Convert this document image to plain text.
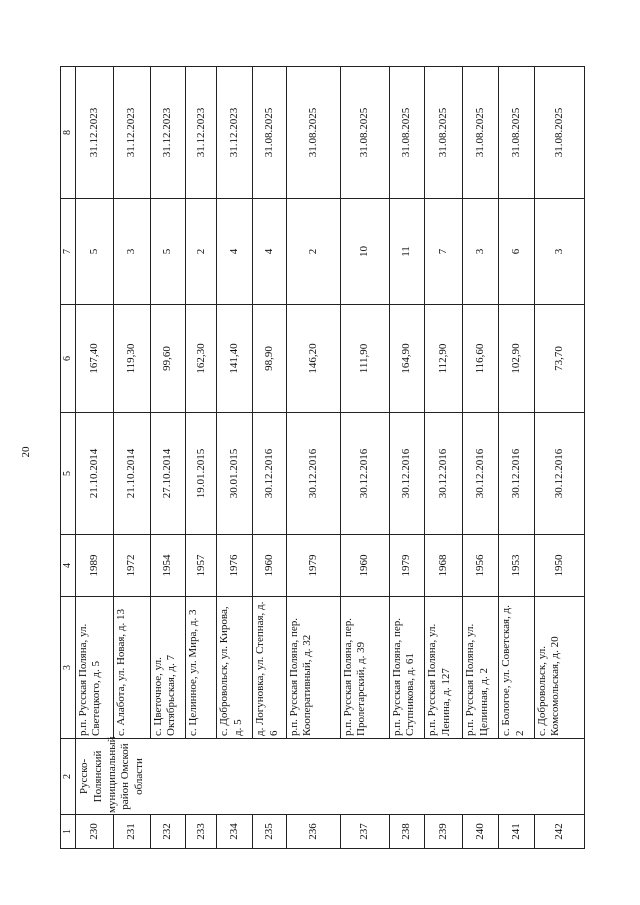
20
1	2	3	4	5	6	7	8
230	Русско-Полянский муниципальный район Омской области	р.п. Русская Поляна, ул. Светецкого, д. 5	1989	21.10.2014	167,40	5	31.12.2023
231		с. Алабота, ул. Новая, д. 13	1972	21.10.2014	119,30	3	31.12.2023
232		с. Цветочное, ул. Октябрьская, д. 7	1954	27.10.2014	99,60	5	31.12.2023
233		с. Целинное, ул. Мира, д. 3	1957	19.01.2015	162,30	2	31.12.2023
234		с. Добровольск, ул. Кирова, д. 5	1976	30.01.2015	141,40	4	31.12.2023
235		д. Логуновка, ул. Степная, д. 6	1960	30.12.2016	98,90	4	31.08.2025
236		р.п. Русская Поляна, пер. Кооперативный, д. 32	1979	30.12.2016	146,20	2	31.08.2025
237		р.п. Русская Поляна, пер. Пролетарский, д. 39	1960	30.12.2016	111,90	10	31.08.2025
238		р.п. Русская Поляна, пер. Ступникова, д. 61	1979	30.12.2016	164,90	11	31.08.2025
239		р.п. Русская Поляна, ул. Ленина, д. 127	1968	30.12.2016	112,90	7	31.08.2025
240		р.п. Русская Поляна, ул. Целинная, д. 2	1956	30.12.2016	116,60	3	31.08.2025
241		с. Бологое, ул. Советская, д. 2	1953	30.12.2016	102,90	6	31.08.2025
242		с. Добровольск, ул. Комсомольская, д. 20	1950	30.12.2016	73,70	3	31.08.2025
